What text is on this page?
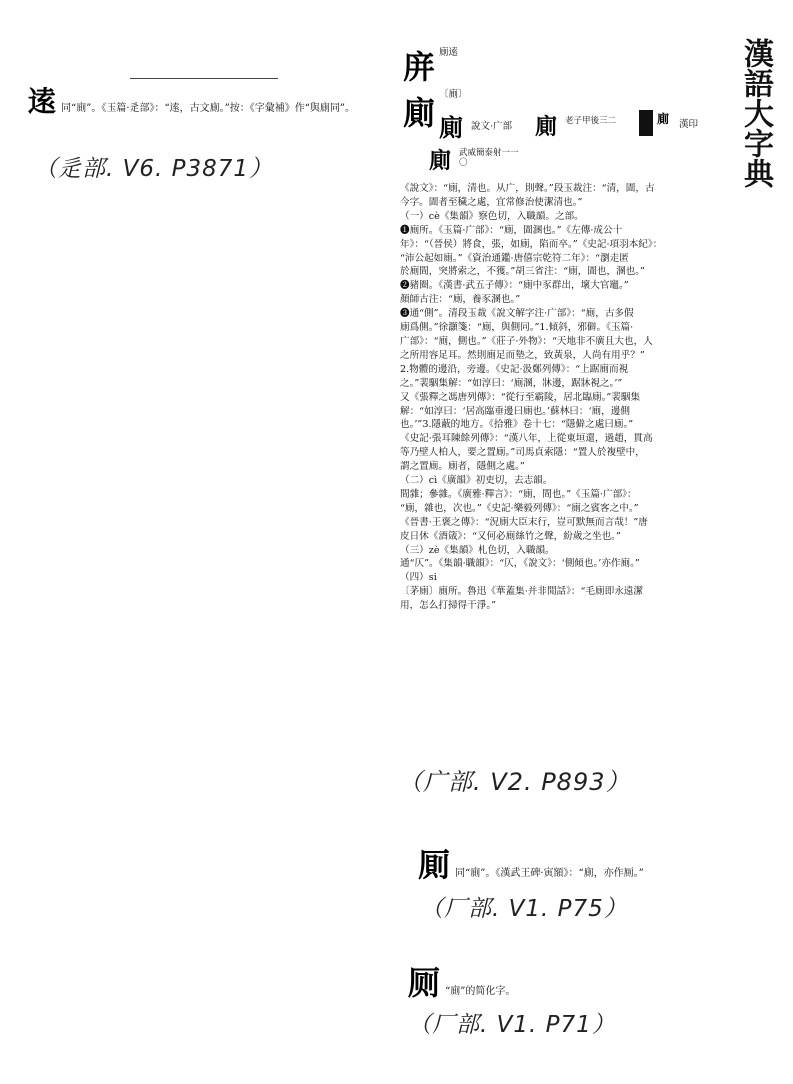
漢語大字典
逺 同“廁”。《玉篇·辵部》：“逺，古文廁。”按：《字彙補》作“與廁同”。
（辵部. V6. P3871）
庰 廁逺
廁 〔廁〕
廁 說文·广部 廁 老子甲後三二	廁 漢印
廁 武威簡泰射一一〇

《說文》：“廁，清也。从广，則聲。”段玉裁注：“清，圊，古

今字。圊者至穢之處，宜常修治使潔清也。”

（一）cè《集韻》察色切，入職韻。之部。

❶廁所。《玉篇·广部》：“廁，圊溷也。”《左傳·成公十

年》：“（晉侯）將食，張，如廁，陷而卒。”《史記·項羽本紀》：

“沛公起如廁。”《資治通鑑·唐僖宗乾符二年》：“瀏走匿

於廁間，突將索之，不獲。”胡三省注：“廁，圊也，溷也。”

❷豬圈。《漢書·武五子傳》：“廁中豕群出，壞大官竈。”

顏師古注：“廁，養豕溷也。”

❸通“側”。清段玉裁《說文解字注·广部》：“廁，古多假

廁爲側。”徐灝箋：“廁，與側同。”1.傾斜，邪僻。《玉篇·

广部》：“廁，側也。”《莊子·外物》：“天地非不廣且大也，人

之所用容足耳。然則廁足而墊之，致黃泉，人尚有用乎？”

2.物體的邊沿，旁邊。《史記·汲鄭列傳》：“上踞廁而視

之。”裴駰集解：“如淳曰：‘廁溷，牀邊，踞牀視之。’”

又《張釋之馮唐列傳》：“從行至霸陵，居北臨廁。”裴駰集

解：“如淳曰：‘居高臨垂邊曰廁也。’蘇林曰：‘廁，邊側

也。’”3.隱蔽的地方。《拾雅》卷十七：“隱僻之處曰廁。”

《史記·張耳陳餘列傳》：“漢八年，上從東垣還，過趙，貫高

等乃壁人柏人，要之置廁。”司馬貞索隱：“置人於複壁中，

謂之置廁。廁者，隱側之處。”

（二）cì《廣韻》初吏切，去志韻。

間雜；參雜。《廣雅·釋言》：“廁，間也。”《玉篇·广部》：

“廁，雜也，次也。”《史記·樂毅列傳》：“廁之賓客之中。”

《晉書·王褒之傳》：“況廁大臣末行，豈可默無而言哉！”唐

皮日休《酒箴》：“又何必廁絲竹之聲，紛歲之坐也。”

（三）zè《集韻》札色切，入職韻。

通“仄”。《集韻·職韻》：“仄，《說文》：‘側傾也。’亦作廁。”

（四）si

〔茅廁〕廁所。魯迅《華蓋集·并非閒話》：“毛廁即永遠潔

用，怎么打掃得干淨。”

（广部. V2. P893）
厠 同“廁”。《漢武王碑·寅額》：“廁，亦作厠。”
（厂部. V1. P75）
厕 “廁”的简化字。
（厂部. V1. P71）
